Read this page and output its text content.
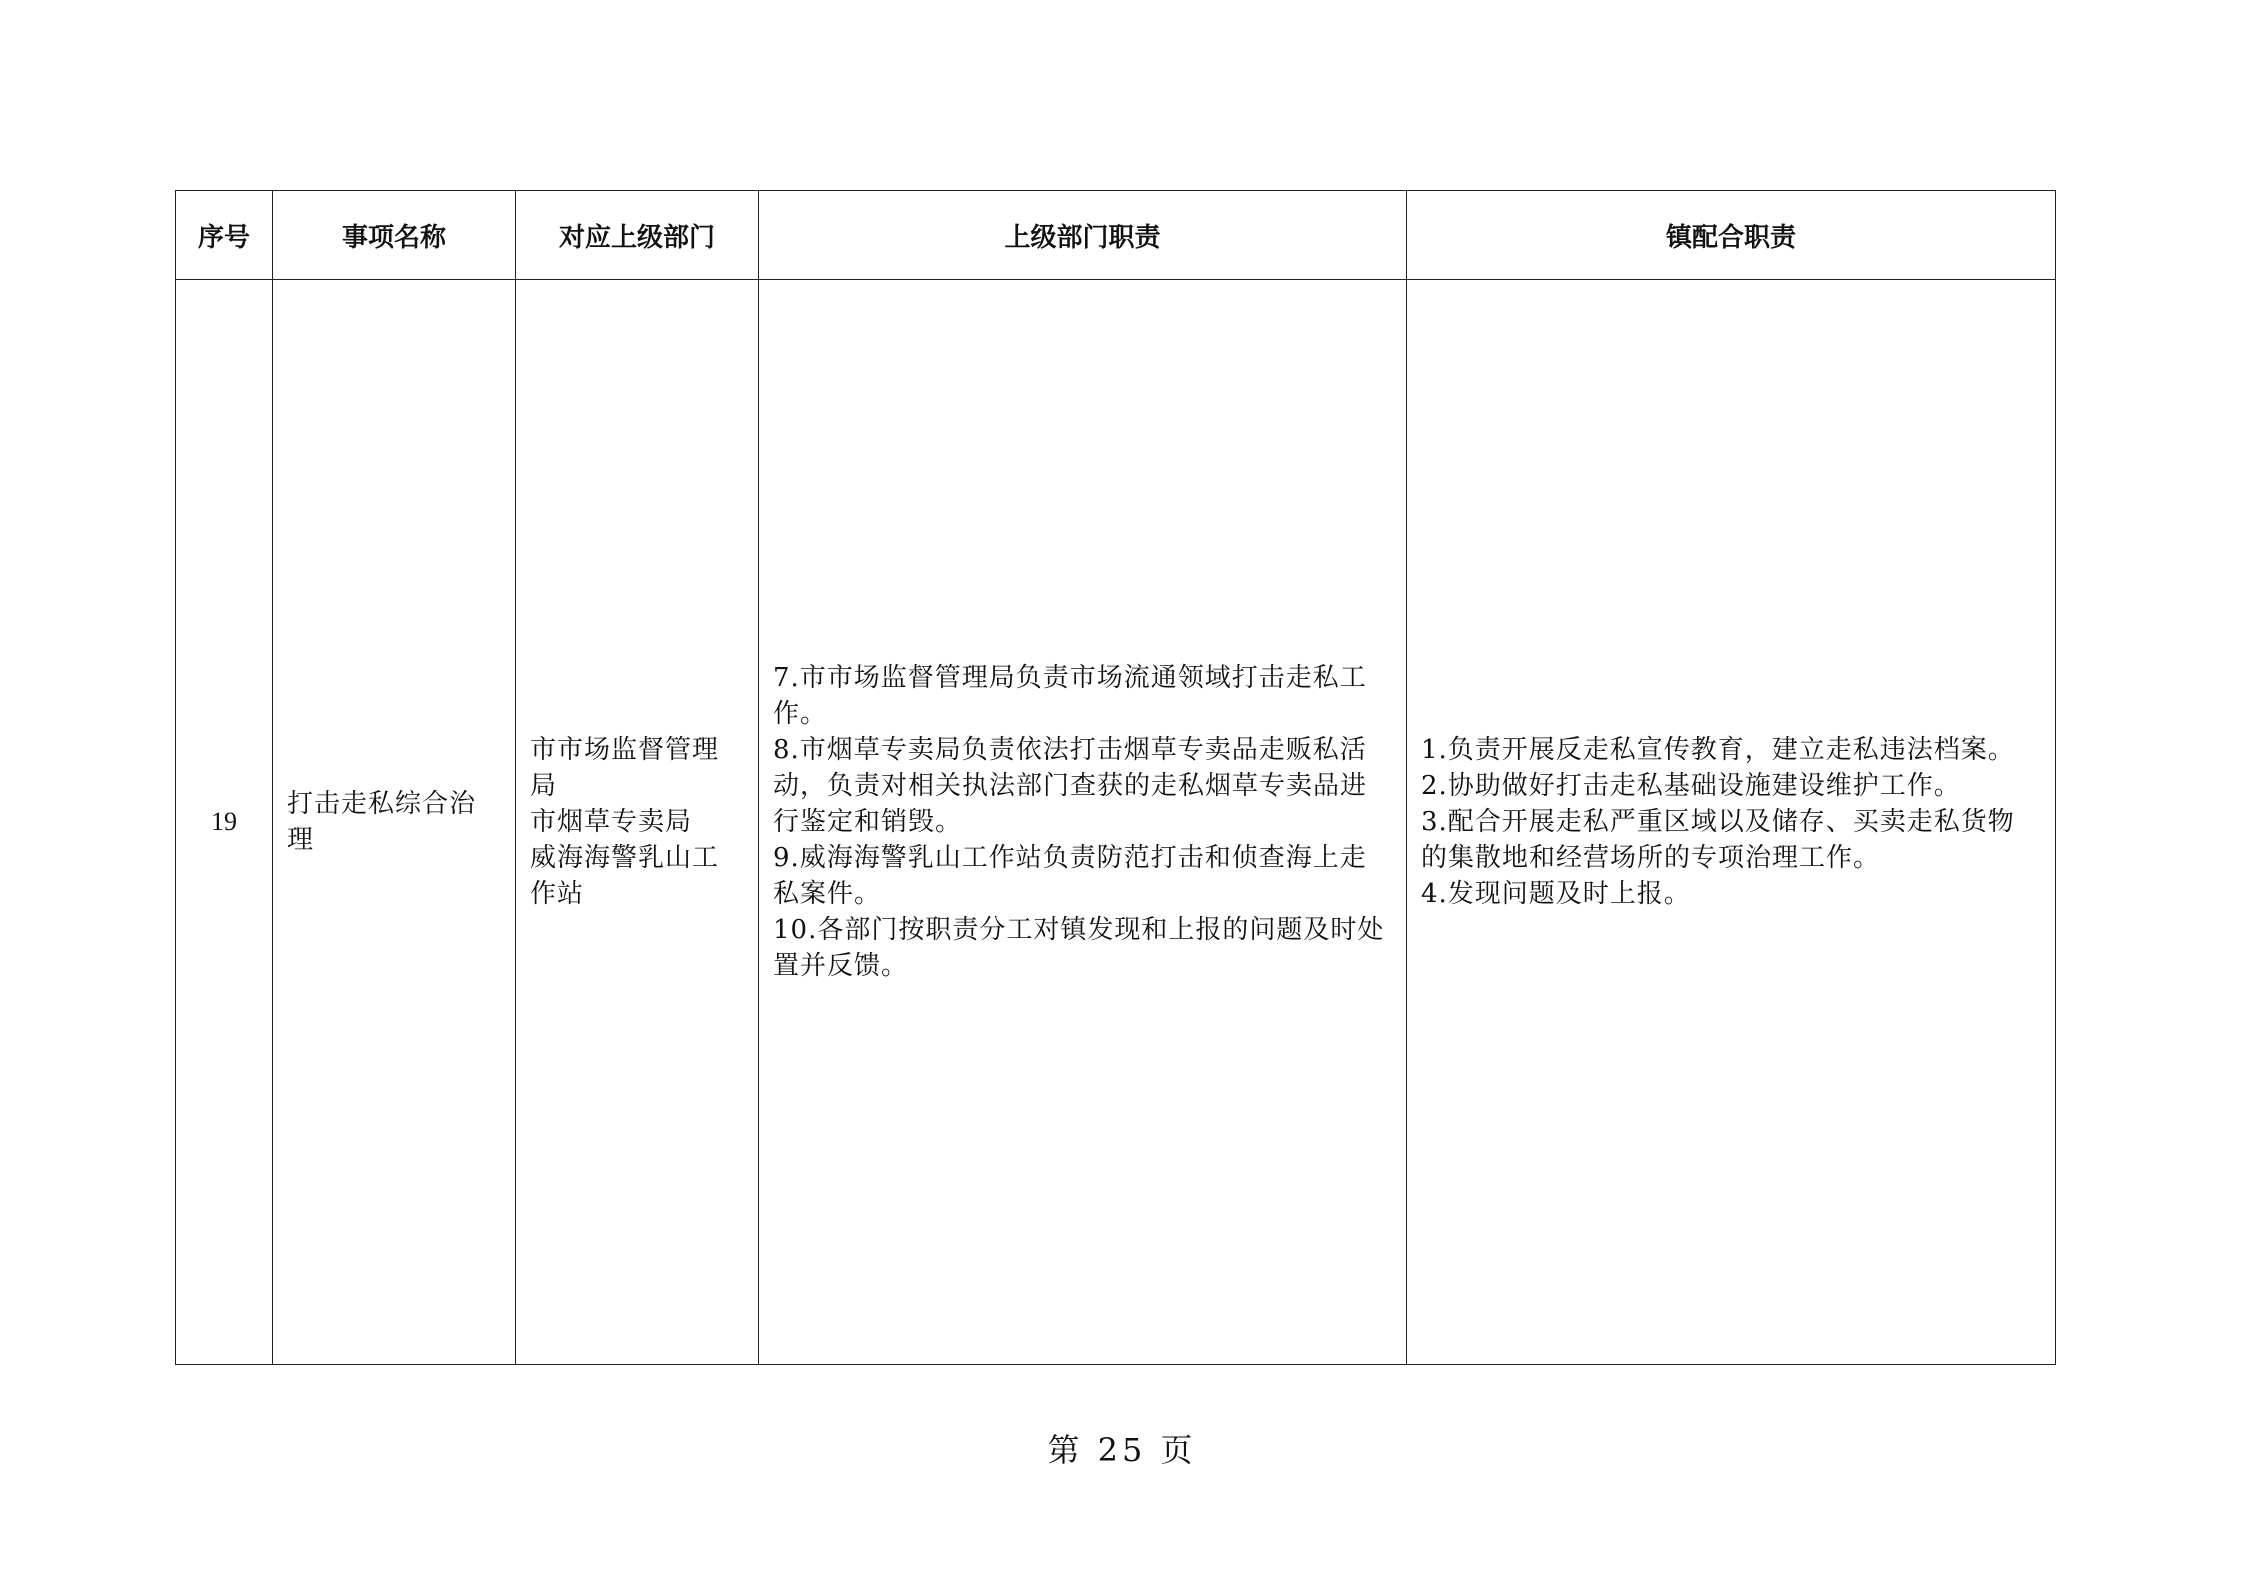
序号	事项名称	对应上级部门	上级部门职责	镇配合职责
19	打击走私综合治理	市市场监督管理局
市烟草专卖局
威海海警乳山工作站	7.市市场监督管理局负责市场流通领域打击走私工作。
8.市烟草专卖局负责依法打击烟草专卖品走贩私活动，负责对相关执法部门查获的走私烟草专卖品进行鉴定和销毁。
9.威海海警乳山工作站负责防范打击和侦查海上走私案件。
10.各部门按职责分工对镇发现和上报的问题及时处置并反馈。	1.负责开展反走私宣传教育，建立走私违法档案。
2.协助做好打击走私基础设施建设维护工作。
3.配合开展走私严重区域以及储存、买卖走私货物的集散地和经营场所的专项治理工作。
4.发现问题及时上报。
第 25 页
